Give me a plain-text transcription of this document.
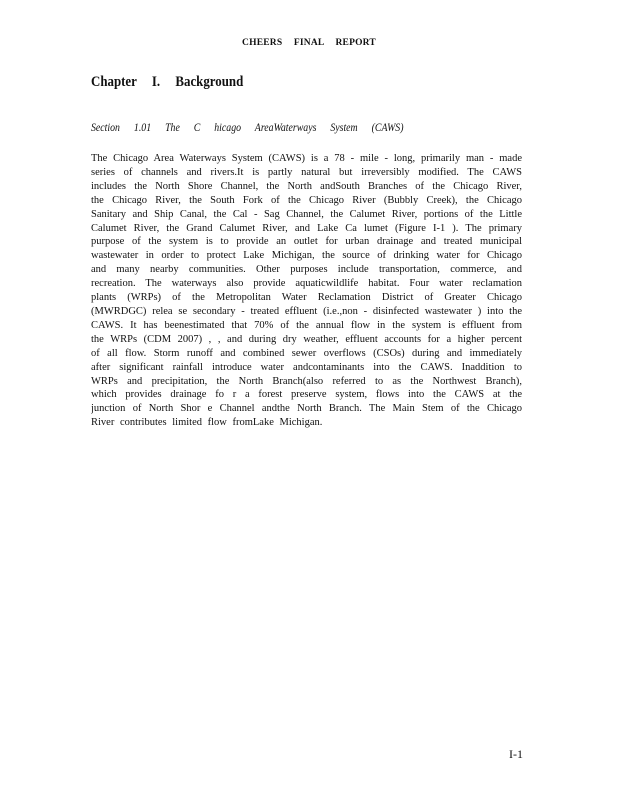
CHEERS FINAL REPORT
Chapter I. Background
Section 1.01 The C hicago AreaWaterways System (CAWS)

The Chicago Area Waterways System (CAWS) is a 78 - mile - long, primarily man - made
series of channels and rivers.It is partly natural but irreversibly modified. The CAWS
includes the North Shore Channel, the North andSouth Branches of the Chicago River,
the Chicago River, the South Fork of the Chicago River (Bubbly Creek), the Chicago
Sanitary and Ship Canal, the Cal - Sag Channel, the Calumet River, portions of the Little
Calumet River, the Grand Calumet River, and Lake Ca lumet (Figure I-1 ). The primary
purpose of the system is to provide an outlet for urban drainage and treated municipal
wastewater in order to protect Lake Michigan, the source of drinking water for Chicago
and many nearby communities. Other purposes include transportation, commerce, and
recreation. The waterways also provide aquaticwildlife habitat. Four water reclamation
plants (WRPs) of the Metropolitan Water Reclamation District of Greater Chicago
(MWRDGC) relea se secondary - treated effluent (i.e.,non - disinfected wastewater ) into the
CAWS. It has beenestimated that 70% of the annual flow in the system is effluent from
the WRPs (CDM 2007) , , and during dry weather, effluent accounts for a higher percent
of all flow. Storm runoff and combined sewer overflows (CSOs) during and immediately
after significant rainfall introduce water andcontaminants into the CAWS. Inaddition to
WRPs and precipitation, the North Branch(also referred to as the Northwest Branch),
which provides drainage fo r a forest preserve system, flows into the CAWS at the
junction of North Shor e Channel andthe North Branch. The Main Stem of the Chicago
River contributes limited flow fromLake Michigan.

I-1
